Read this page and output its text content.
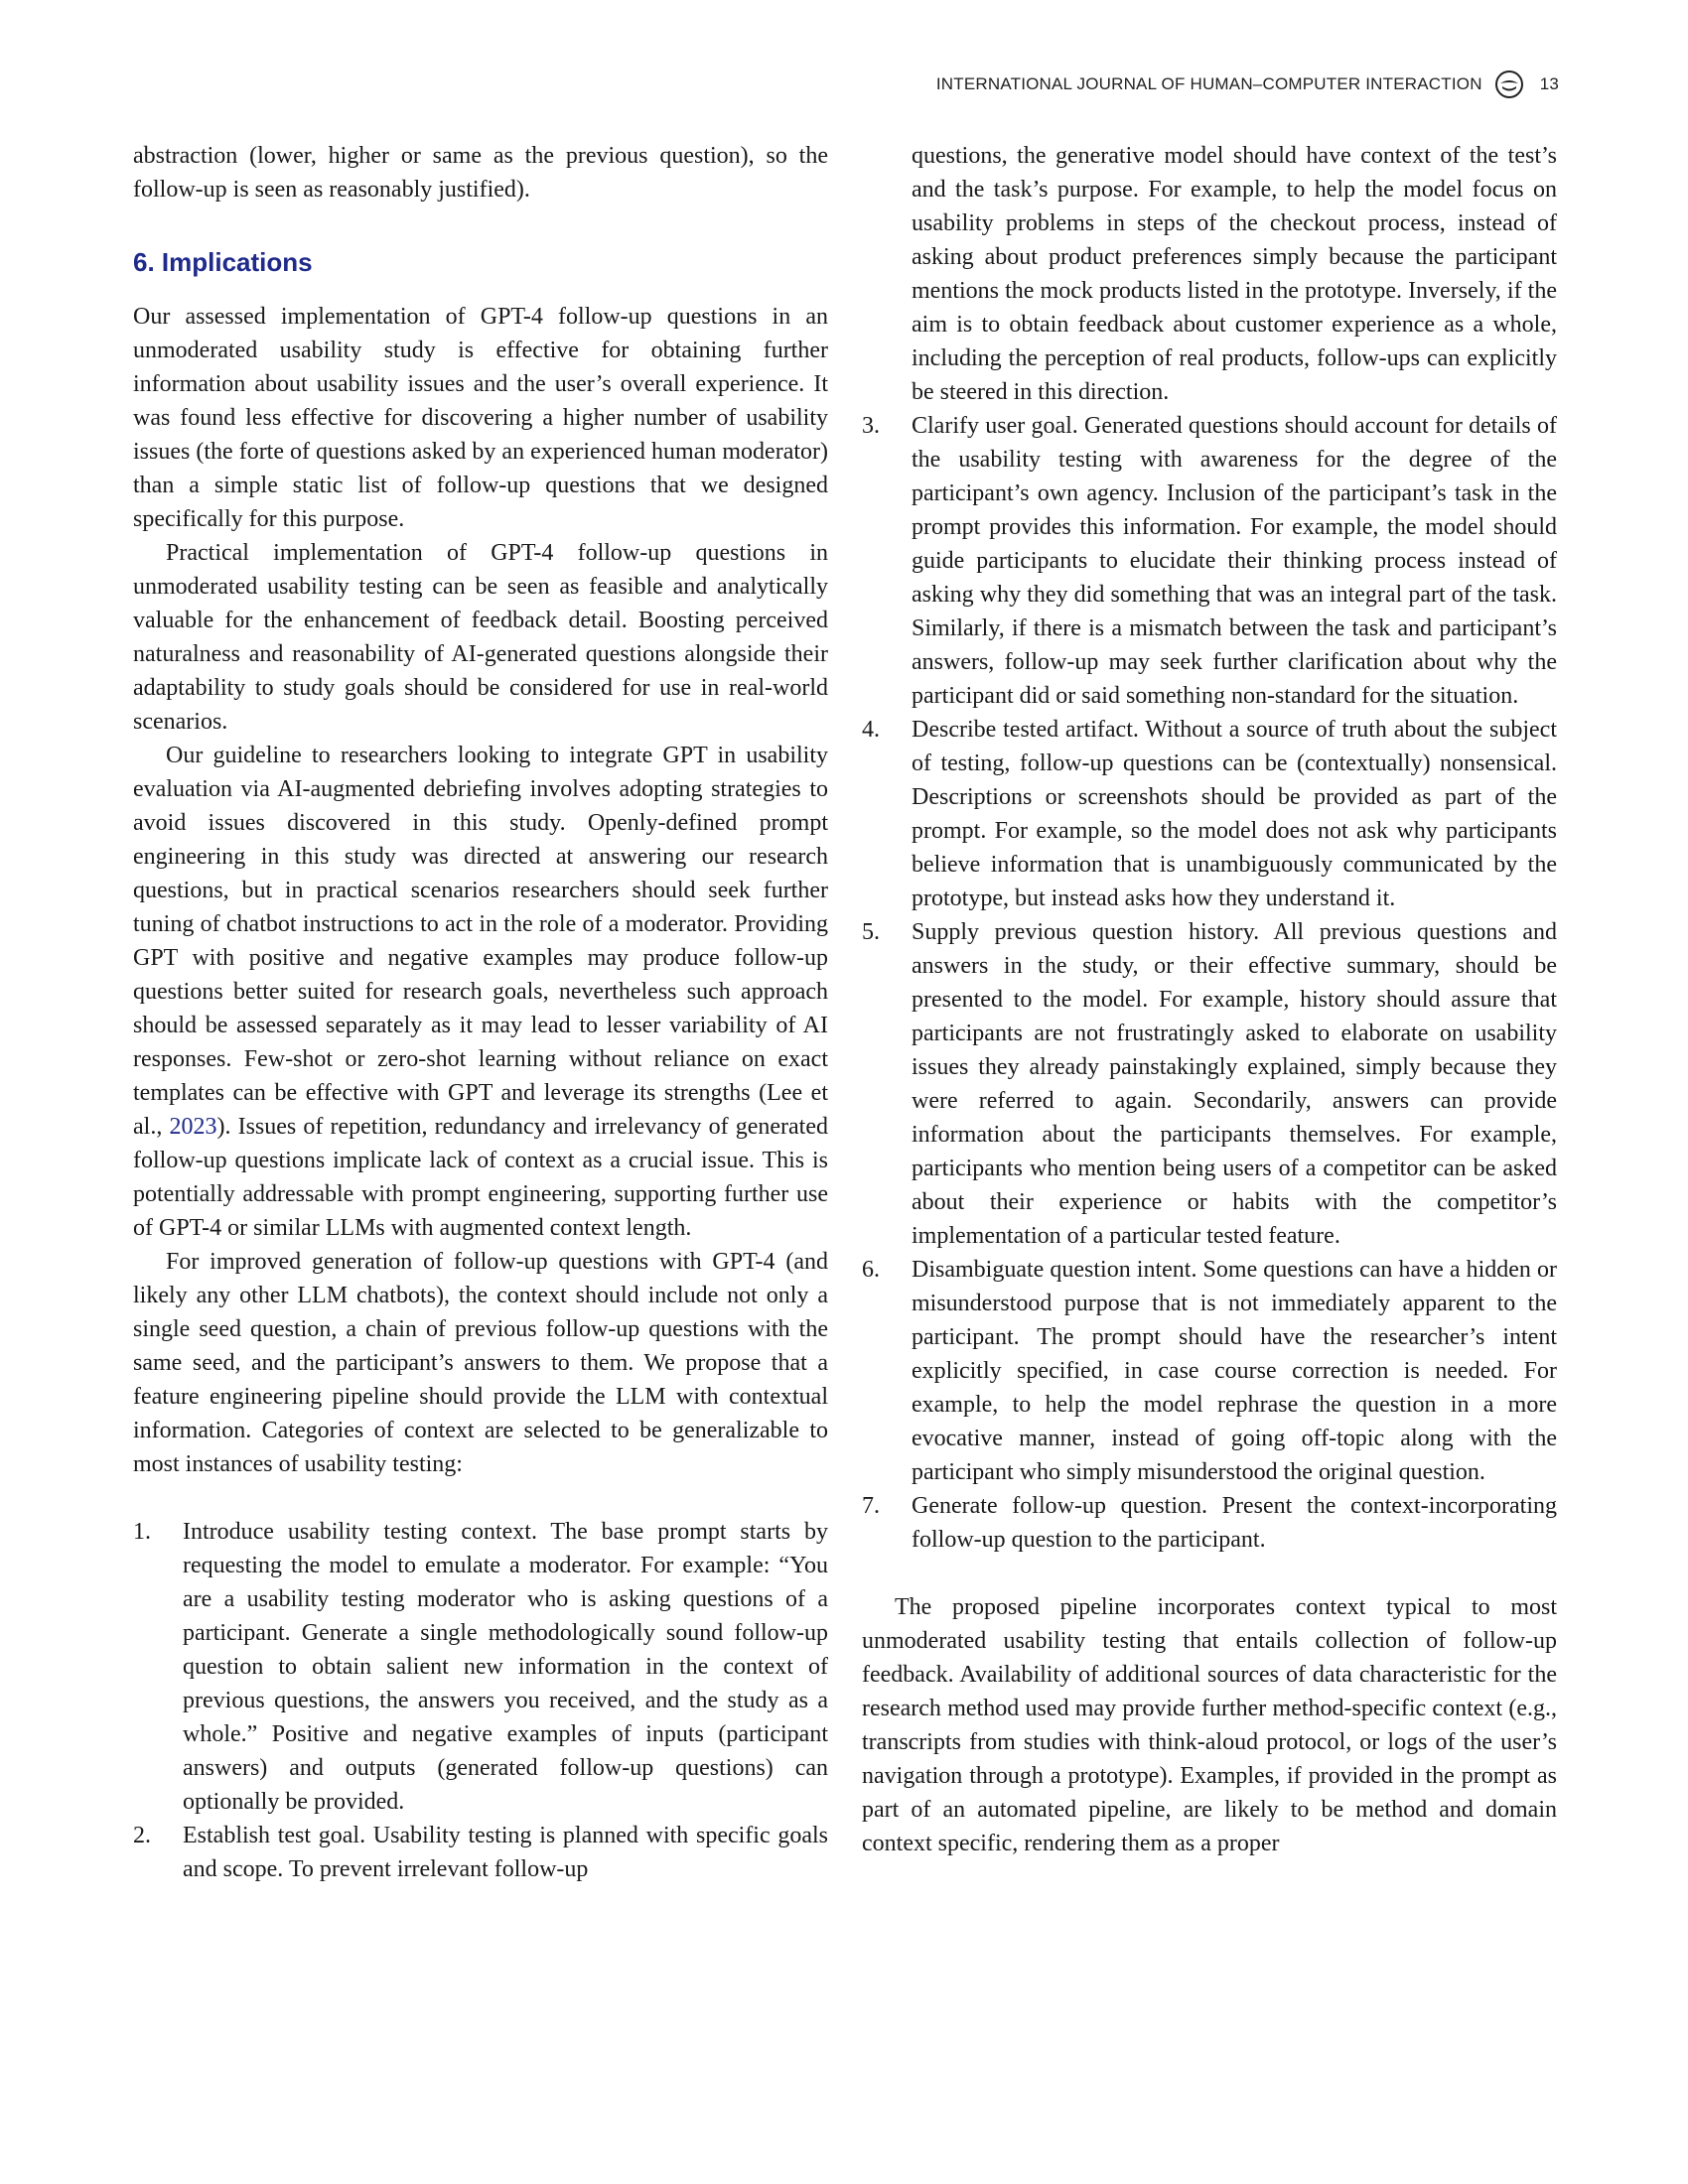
INTERNATIONAL JOURNAL OF HUMAN–COMPUTER INTERACTION	13

abstraction (lower, higher or same as the previous question), so the follow-up is seen as reasonably justified).

6. Implications

Our assessed implementation of GPT-4 follow-up questions in an unmoderated usability study is effective for obtaining further information about usability issues and the user’s overall experience. It was found less effective for discovering a higher number of usability issues (the forte of questions asked by an experienced human moderator) than a simple static list of follow-up questions that we designed specifically for this purpose.

Practical implementation of GPT-4 follow-up questions in unmoderated usability testing can be seen as feasible and analytically valuable for the enhancement of feedback detail. Boosting perceived naturalness and reasonability of AI-generated questions alongside their adaptability to study goals should be considered for use in real-world scenarios.

Our guideline to researchers looking to integrate GPT in usability evaluation via AI-augmented debriefing involves adopting strategies to avoid issues discovered in this study. Openly-defined prompt engineering in this study was directed at answering our research questions, but in practical scenarios researchers should seek further tuning of chatbot instructions to act in the role of a moderator. Providing GPT with positive and negative examples may produce follow-up questions better suited for research goals, nevertheless such approach should be assessed separately as it may lead to lesser variability of AI responses. Few-shot or zero-shot learning without reliance on exact templates can be effective with GPT and leverage its strengths (Lee et al., 2023). Issues of repetition, redundancy and irrelevancy of generated follow-up questions implicate lack of context as a crucial issue. This is potentially addressable with prompt engineering, supporting further use of GPT-4 or similar LLMs with augmented context length.

For improved generation of follow-up questions with GPT-4 (and likely any other LLM chatbots), the context should include not only a single seed question, a chain of previous follow-up questions with the same seed, and the participant’s answers to them. We propose that a feature engineering pipeline should provide the LLM with contextual information. Categories of context are selected to be generalizable to most instances of usability testing:

1.	Introduce usability testing context. The base prompt starts by requesting the model to emulate a moderator. For example: “You are a usability testing moderator who is asking questions of a participant. Generate a single methodologically sound follow-up question to obtain salient new information in the context of previous questions, the answers you received, and the study as a whole.” Positive and negative examples of inputs (participant answers) and outputs (generated follow-up questions) can optionally be provided.
2.	Establish test goal. Usability testing is planned with specific goals and scope. To prevent irrelevant follow-up
questions, the generative model should have context of the test’s and the task’s purpose. For example, to help the model focus on usability problems in steps of the checkout process, instead of asking about product preferences simply because the participant mentions the mock products listed in the prototype. Inversely, if the aim is to obtain feedback about customer experience as a whole, including the perception of real products, follow-ups can explicitly be steered in this direction.
3.	Clarify user goal. Generated questions should account for details of the usability testing with awareness for the degree of the participant’s own agency. Inclusion of the participant’s task in the prompt provides this information. For example, the model should guide participants to elucidate their thinking process instead of asking why they did something that was an integral part of the task. Similarly, if there is a mismatch between the task and participant’s answers, follow-up may seek further clarification about why the participant did or said something non-standard for the situation.
4.	Describe tested artifact. Without a source of truth about the subject of testing, follow-up questions can be (contextually) nonsensical. Descriptions or screenshots should be provided as part of the prompt. For example, so the model does not ask why participants believe information that is unambiguously communicated by the prototype, but instead asks how they understand it.
5.	Supply previous question history. All previous questions and answers in the study, or their effective summary, should be presented to the model. For example, history should assure that participants are not frustratingly asked to elaborate on usability issues they already painstakingly explained, simply because they were referred to again. Secondarily, answers can provide information about the participants themselves. For example, participants who mention being users of a competitor can be asked about their experience or habits with the competitor’s implementation of a particular tested feature.
6.	Disambiguate question intent. Some questions can have a hidden or misunderstood purpose that is not immediately apparent to the participant. The prompt should have the researcher’s intent explicitly specified, in case course correction is needed. For example, to help the model rephrase the question in a more evocative manner, instead of going off-topic along with the participant who simply misunderstood the original question.
7.	Generate follow-up question. Present the context-incorporating follow-up question to the participant.

The proposed pipeline incorporates context typical to most unmoderated usability testing that entails collection of follow-up feedback. Availability of additional sources of data characteristic for the research method used may provide further method-specific context (e.g., transcripts from studies with think-aloud protocol, or logs of the user’s navigation through a prototype). Examples, if provided in the prompt as part of an automated pipeline, are likely to be method and domain context specific, rendering them as a proper
